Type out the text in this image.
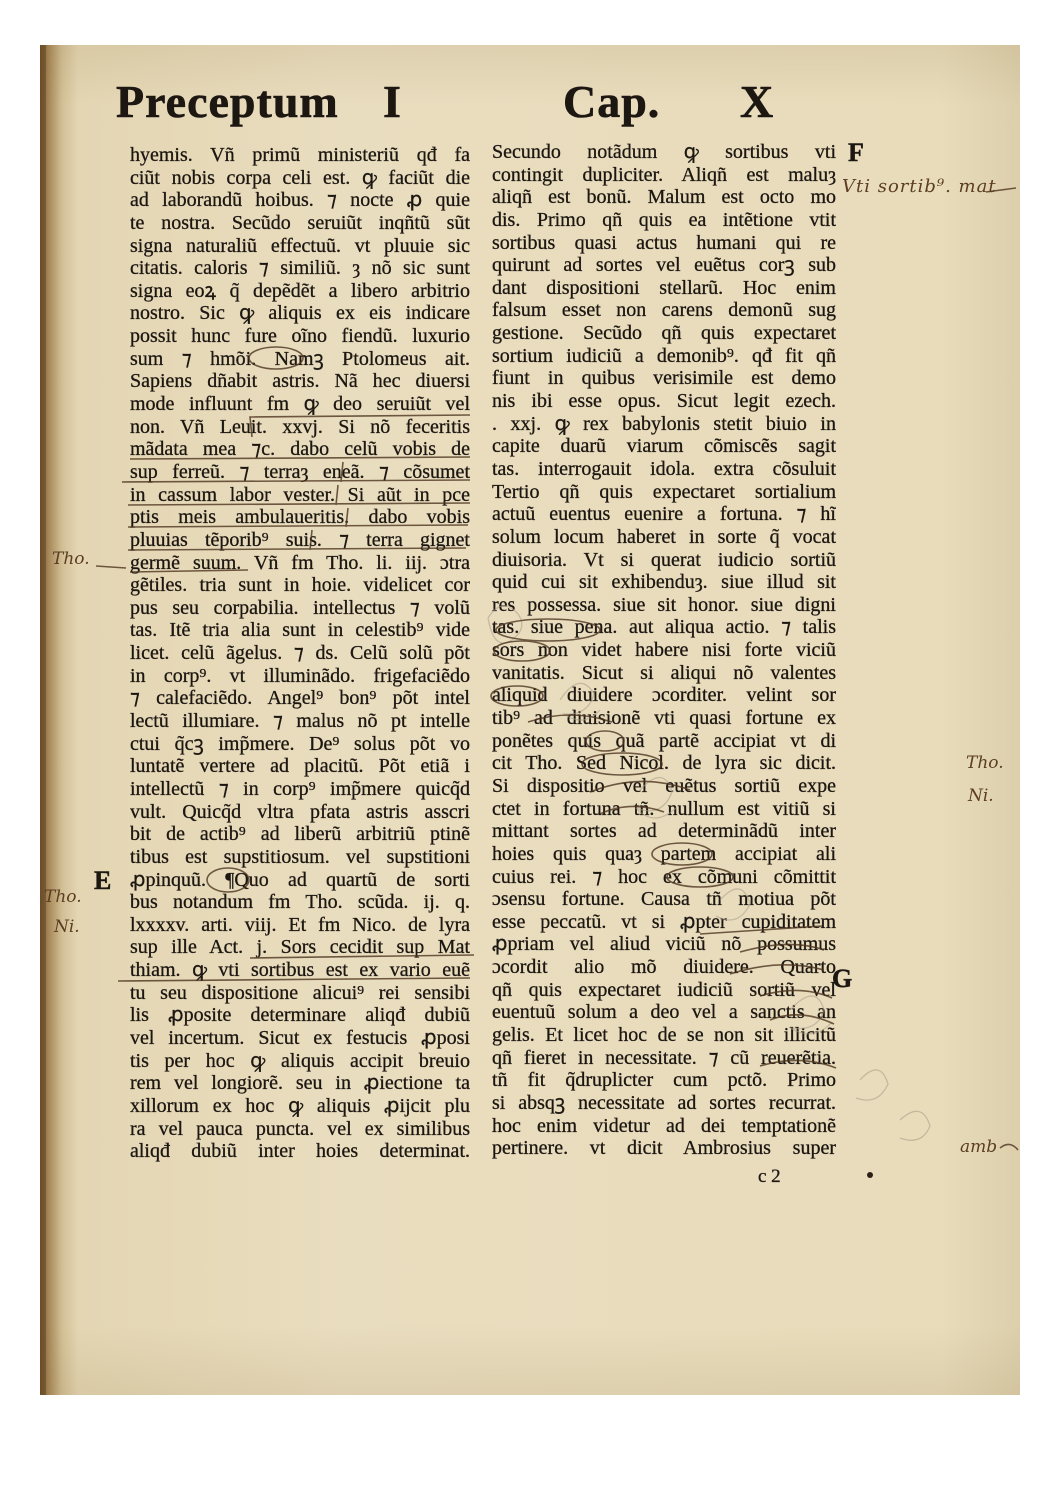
Preceptum I	Cap. X
hyemis. Vñ primũ ministeriũ qđ fa
ciũt nobis corpa celi est. ꝙ faciũt die
ad laborandũ hoibus. ⁊ nocte ꝓ quie
te nostra. Secũdo seruiũt inqñtũ sũt
signa naturaliũ effectuũ. vt pluuie sic
citatis. caloris ⁊ similiũ. ȝ nõ sic sunt
signa eoꝝ q̃ depẽdẽt a libero arbitrio
nostro. Sic ꝙ aliquis ex eis indicare
possit hunc fure oĩno fiendũ. luxurio
sum ⁊ hmõi. Namꝫ Ptolomeus ait.
Sapiens dñabit astris. Nã hec diuersi
mode influunt fm ꝙ deo seruiũt vel
non. Vñ Leuit. xxvj. Si nõ feceritis
mãdata mea ⁊c. dabo celũ vobis de
sup ferreũ. ⁊ terraȝ eneã. ⁊ cõsumet
in cassum labor vester. Si aũt in pce
ptis meis ambulaueritis. dabo vobis
pluuias tẽporib⁹ suis. ⁊ terra gignet
germẽ suum. Vñ fm Tho. li. iij. ɔtra
gẽtiles. tria sunt in hoie. videlicet cor
pus seu corpabilia. intellectus ⁊ volũ
tas. Itẽ tria alia sunt in celestib⁹ vide
licet. celũ ãgelus. ⁊ ds. Celũ solũ põt
in corp⁹. vt illuminãdo. frigefaciẽdo
⁊ calefaciẽdo. Angel⁹ bon⁹ põt intel
lectũ illumiare. ⁊ malus nõ pt intelle
ctui q̃cꝫ imp̃mere. De⁹ solus põt vo
luntatẽ vertere ad placitũ. Põt etiã i
intellectũ ⁊ in corp⁹ imp̃mere quicq̃d
vult. Quicq̃d vltra pfata astris asscri
bit de actib⁹ ad liberũ arbitriũ ptinẽ
tibus est supstitiosum. vel supstitioni
ꝓpinquũ. ¶Quo ad quartũ de sorti
bus notandum fm Tho. scũda. ij. q.
lxxxxv. arti. viij. Et fm Nico. de lyra
sup ille Act. j. Sors cecidit sup Mat
thiam. ꝙ vti sortibus est ex vario euẽ
tu seu dispositione alicui⁹ rei sensibi
lis ꝓposite determinare aliqđ dubiũ
vel incertum. Sicut ex festucis ꝓposi
tis per hoc ꝙ aliquis accipit breuio
rem vel longiorẽ. seu in ꝓiectione ta
xillorum ex hoc ꝙ aliquis ꝓijcit plu
ra vel pauca puncta. vel ex similibus
aliqđ dubiũ inter hoies determinat.
Secundo notãdum ꝙ sortibus vti
contingit dupliciter. Aliqñ est maluȝ
aliqñ est bonũ. Malum est octo mo
dis. Primo qñ quis ea intẽtione vtit
sortibus quasi actus humani qui re
quirunt ad sortes vel euẽtus corꝫ sub
dant dispositioni stellarũ. Hoc enim
falsum esset non carens demonũ sug
gestione. Secũdo qñ quis expectaret
sortium iudiciũ a demonib⁹. qđ fit qñ
fiunt in quibus verisimile est demo
nis ibi esse opus. Sicut legit ezech.
. xxj. ꝙ rex babylonis stetit biuio in
capite duarũ viarum cõmiscẽs sagit
tas. interrogauit idola. extra cõsuluit
Tertio qñ quis expectaret sortialium
actuũ euentus euenire a fortuna. ⁊ hĩ
solum locum haberet in sorte q̃ vocat
diuisoria. Vt si querat iudicio sortiũ
quid cui sit exhibenduȝ. siue illud sit
res possessa. siue sit honor. siue digni
tas. siue pena. aut aliqua actio. ⁊ talis
sors non videt habere nisi forte viciũ
vanitatis. Sicut si aliqui nõ valentes
aliquid diuidere ɔcorditer. velint sor
tib⁹ ad diuisionẽ vti quasi fortune ex
ponẽtes quis quã partẽ accipiat vt di
cit Tho. Sed Nicol. de lyra sic dicit.
Si dispositio vel euẽtus sortiũ expe
ctet in fortuna tñ. nullum est vitiũ si
mittant sortes ad determinãdũ inter
hoies quis quaȝ partem accipiat ali
cuius rei. ⁊ hoc ex cõmuni cõmittit
ɔsensu fortune. Causa tñ motiua põt
esse peccatũ. vt si ꝓpter cupiditatem
ꝓpriam vel aliud viciũ nõ possumus
ɔcordit alio mõ diuidere. Quarto
qñ quis expectaret iudiciũ sortiũ vel
euentuũ solum a deo vel a sanctis an
gelis. Et licet hoc de se non sit illicitũ
qñ fieret in necessitate. ⁊ cũ reuerẽtia.
tñ fit q̃druplicter cum pctõ. Primo
si absqꝫ necessitate ad sortes recurrat.
hoc enim videtur ad dei temptationẽ
pertinere. vt dicit Ambrosius super
F
E
G
Vti sortib⁹. mat
Tho.
Tho.
Ni.
Tho.
Ni.
amb
c 2
